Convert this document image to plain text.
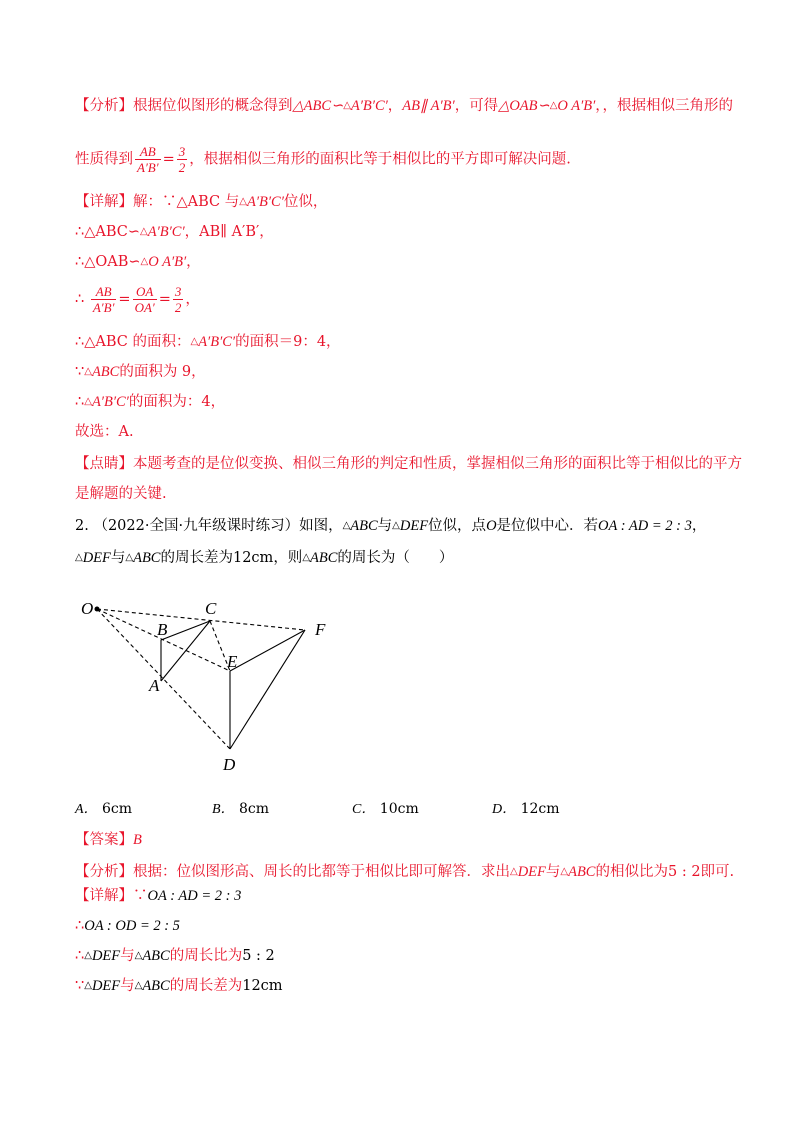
【分析】根据位似图形的概念得到△ABC∽△A′B′C′，AB∥ A′B′，可得△OAB∽△O A′B′，，根据相似三角形的
性质得到 $\frac{AB}{A'B'} = \frac{3}{2}$ ，根据相似三角形的面积比等于相似比的平方即可解决问题.
【详解】解：∵△ABC 与△A′B′C′位似，
∴△ABC∽△A′B′C′，AB∥ A′B′，
∴△OAB∽△O A′B′，
∴ $\frac{AB}{A'B'} = \frac{OA}{OA'} = \frac{3}{2}$ ，
∴△ABC 的面积：△A′B′C′的面积＝9：4，
∵△ABC的面积为 9，
∴△A′B′C′的面积为：4，
故选：A.
【点睛】本题考查的是位似变换、相似三角形的判定和性质，掌握相似三角形的面积比等于相似比的平方
是解题的关键.
2. （2022·全国·九年级课时练习）如图，△ABC与△DEF位似，点O是位似中心．若OA : AD = 2 : 3，
△DEF与△ABC的周长差为12cm，则△ABC的周长为（　　）
O	C
B	F
E
A
D
A． 6cm	B． 8cm	C． 10cm	D． 12cm
【答案】B
【分析】根据：位似图形高、周长的比都等于相似比即可解答．求出△DEF与△ABC的相似比为5 : 2即可.
【详解】∵OA : AD = 2 : 3
∴OA : OD = 2 : 5
∴△DEF与△ABC的周长比为5 : 2
∵△DEF与△ABC的周长差为12cm
